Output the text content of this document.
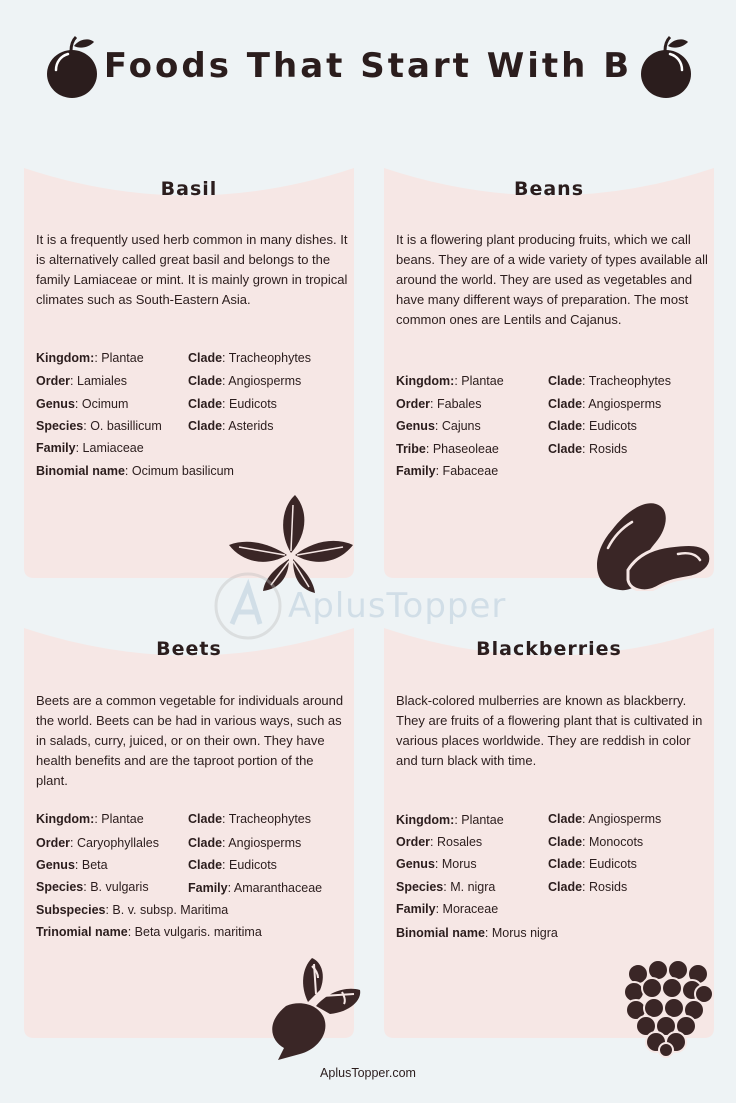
Foods That Start With B
Basil
It is a frequently used herb common in many dishes. It is alternatively called great basil and belongs to the family Lamiaceae or mint. It is mainly grown in tropical climates such as South-Eastern Asia.
Kingdom:: Plantae
Order: Lamiales
Genus: Ocimum
Species: O. basillicum
Family: Lamiaceae
Binomial name: Ocimum basilicum
Clade: Tracheophytes
Clade: Angiosperms
Clade: Eudicots
Clade: Asterids
Beans
It is a flowering plant producing fruits, which we call beans. They are of a wide variety of types available all around the world. They are used as vegetables and have many different ways of preparation. The most common ones are Lentils and Cajanus.
Kingdom:: Plantae
Order: Fabales
Genus: Cajuns
Tribe: Phaseoleae
Family: Fabaceae
Clade: Tracheophytes
Clade: Angiosperms
Clade: Eudicots
Clade: Rosids
Beets
Beets are a common vegetable for individuals around the world. Beets can be had in various ways, such as in salads, curry, juiced, or on their own. They have health benefits and are the taproot portion of the plant.
Kingdom:: Plantae
Order: Caryophyllales
Genus: Beta
Species: B. vulgaris
Subspecies: B. v. subsp. Maritima
Trinomial name: Beta vulgaris. maritima
Clade: Tracheophytes
Clade: Angiosperms
Clade: Eudicots
Family: Amaranthaceae
Blackberries
Black-colored mulberries are known as blackberry. They are fruits of a flowering plant that is cultivated in various places worldwide. They are reddish in color and turn black with time.
Kingdom:: Plantae
Order: Rosales
Genus: Morus
Species: M. nigra
Family: Moraceae
Binomial name: Morus nigra
Clade: Angiosperms
Clade: Monocots
Clade: Eudicots
Clade: Rosids
AplusTopper
AplusTopper.com
